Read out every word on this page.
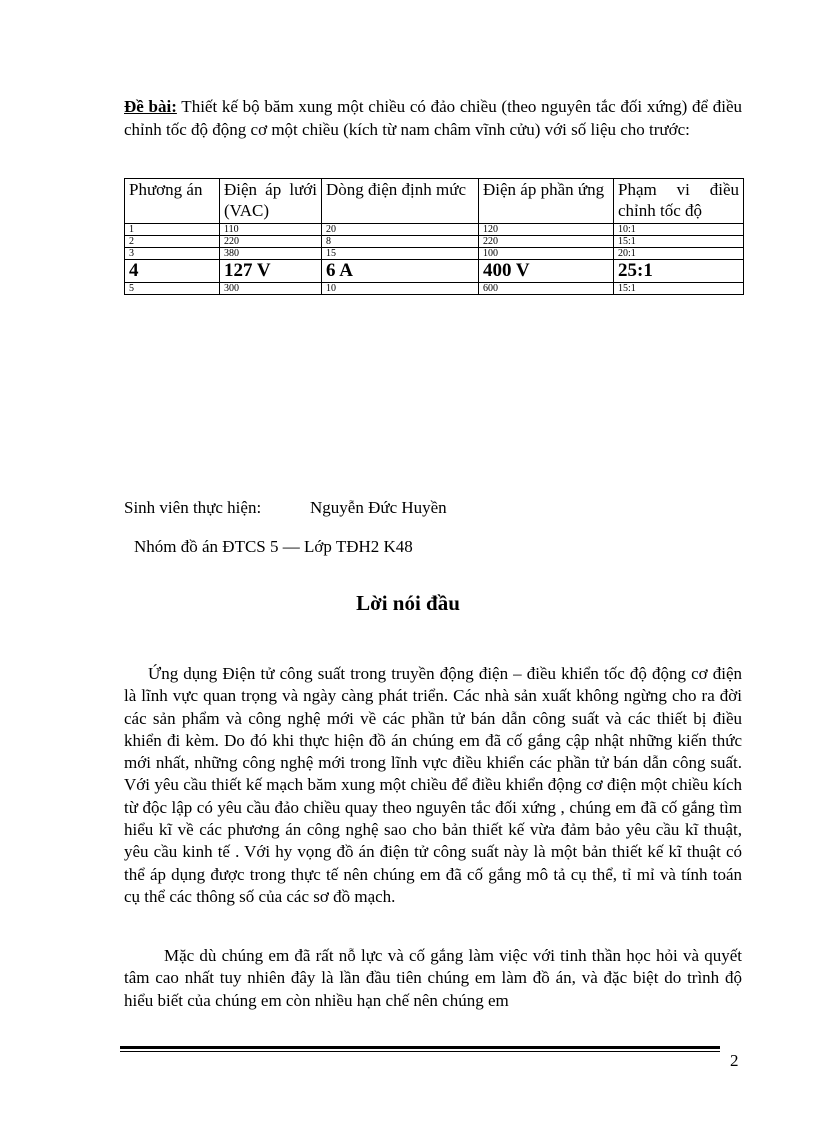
Đề bài: Thiết kế bộ băm xung một chiều có đảo chiều (theo nguyên tắc đối xứng) để điều chỉnh tốc độ động cơ một chiều (kích từ nam châm vĩnh cửu) với số liệu cho trước:
Phương án	Điện áp lưới (VAC)	Dòng điện định mức	Điện áp phần ứng	Phạm vi điều chỉnh tốc độ
1	110	20	120	10:1
2	220	8	220	15:1
3	380	15	100	20:1
4	127 V	6 A	400 V	25:1
5	300	10	600	15:1
Sinh viên thực hiện:	Nguyễn Đức Huyền
Nhóm đồ án ĐTCS 5 — Lớp TĐH2 K48
Lời nói đầu
Ứng dụng Điện tử công suất trong truyền động điện – điều khiển tốc độ động cơ điện là lĩnh vực quan trọng và ngày càng phát triển. Các nhà sản xuất không ngừng cho ra đời các sản phẩm và công nghệ mới về các phần tử bán dẫn công suất và các thiết bị điều khiển đi kèm. Do đó khi thực hiện đồ án chúng em đã cố gắng cập nhật những kiến thức mới nhất, những công nghệ mới trong lĩnh vực điều khiển các phần tử bán dẫn công suất. Với yêu cầu thiết kế mạch băm xung một chiều để điều khiển động cơ điện một chiều kích từ độc lập có yêu cầu đảo chiều quay theo nguyên tắc đối xứng , chúng em đã cố gắng tìm hiểu kĩ về các phương án công nghệ sao cho bản thiết kế vừa đảm bảo yêu cầu kĩ thuật, yêu cầu kinh tế . Với hy vọng đồ án điện tử công suất này là một bản thiết kế kĩ thuật có thể áp dụng được trong thực tế nên chúng em đã cố gắng mô tả cụ thể, tỉ mỉ và tính toán cụ thể các thông số của các sơ đồ mạch.
Mặc dù chúng em đã rất nỗ lực và cố gắng làm việc với tinh thần học hỏi và quyết tâm cao nhất tuy nhiên đây là lần đầu tiên chúng em làm đồ án, và đặc biệt do trình độ hiểu biết của chúng em còn nhiều hạn chế nên chúng em
2
